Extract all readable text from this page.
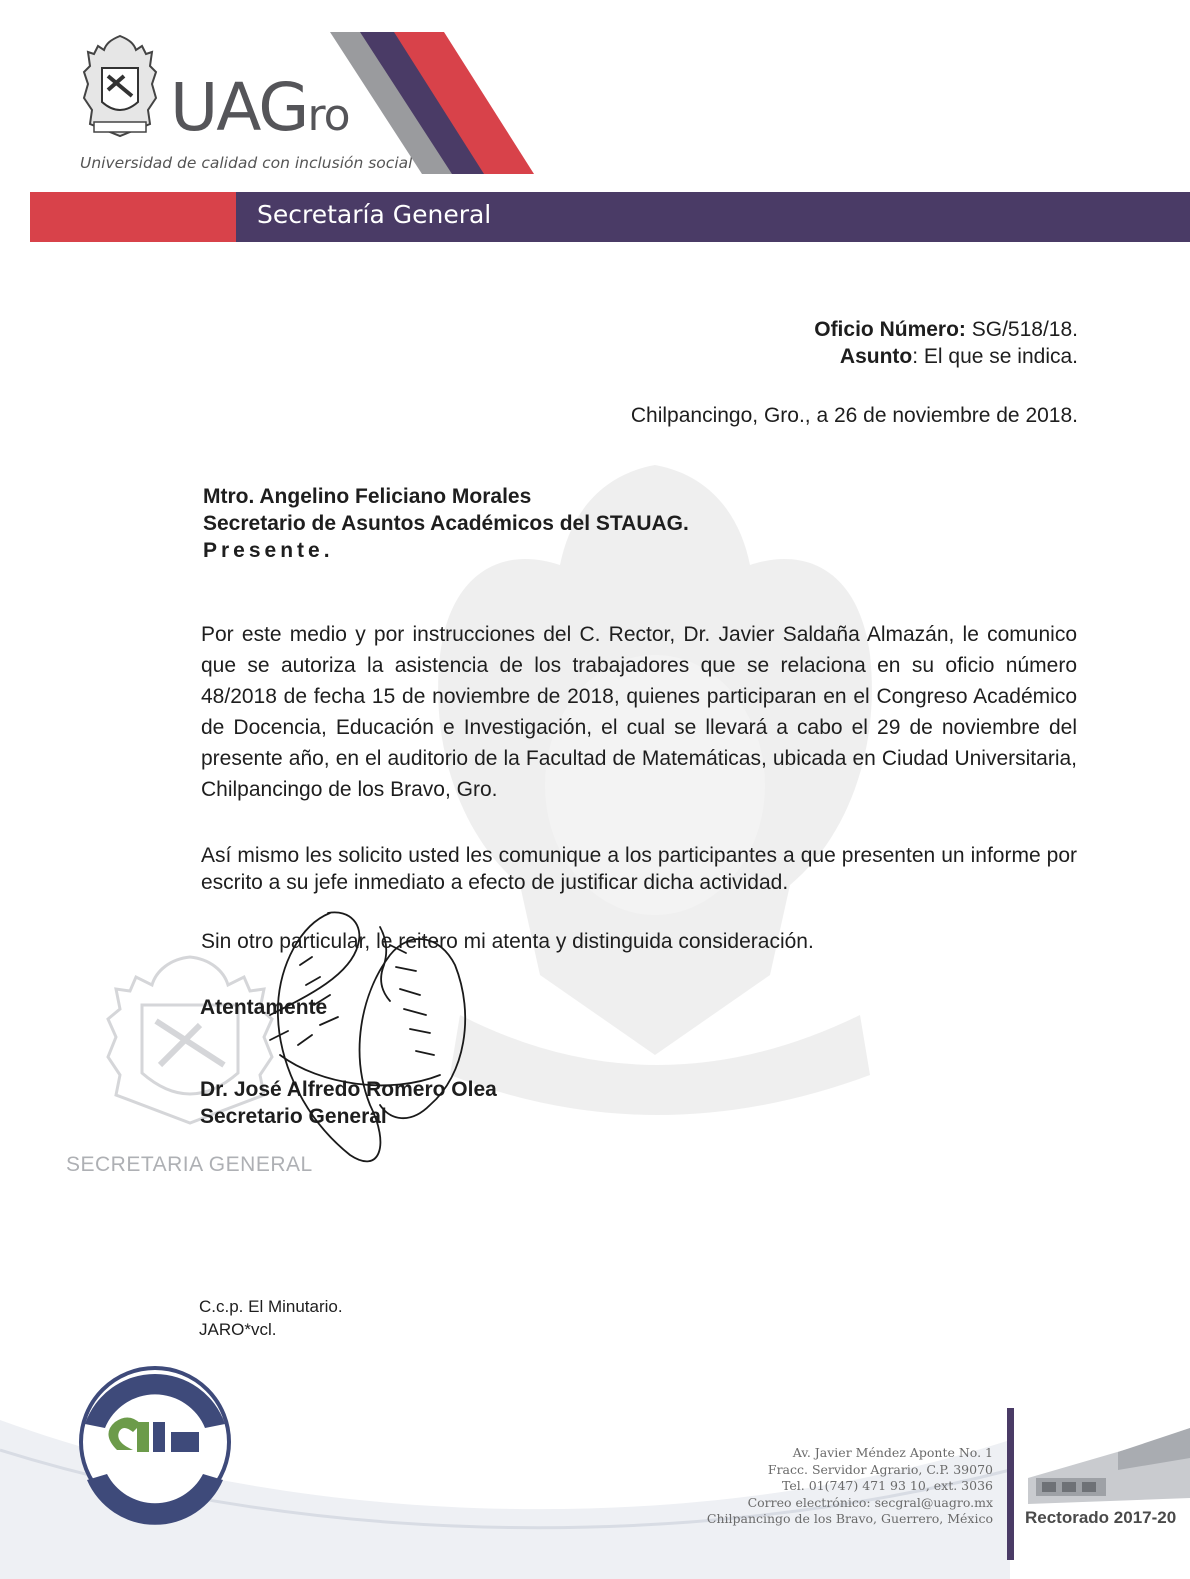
UAGro
Universidad de calidad con inclusión social
Secretaría General
Oficio Número: SG/518/18.
Asunto: El que se indica.
Chilpancingo, Gro., a 26 de noviembre de 2018.
Mtro. Angelino Feliciano Morales
Secretario de Asuntos Académicos del STAUAG.
Presente.
Por este medio y por instrucciones del C. Rector, Dr. Javier Saldaña Almazán, le comunico que se autoriza la asistencia de los trabajadores que se relaciona en su oficio número 48/2018 de fecha 15 de noviembre de 2018, quienes participaran en el Congreso Académico de Docencia, Educación e Investigación, el cual se llevará a cabo el 29 de noviembre del presente año, en el auditorio de la Facultad de Matemáticas, ubicada en Ciudad Universitaria, Chilpancingo de los Bravo, Gro.
Así mismo les solicito usted les comunique a los participantes a que presenten un informe por escrito a su jefe inmediato a efecto de justificar dicha actividad.
Sin otro particular, le reitero mi atenta y distinguida consideración.
SECRETARIA GENERAL
Atentamente
Dr. José Alfredo Romero Olea
Secretario General
C.c.p. El Minutario.
JARO*vcl.
Av. Javier Méndez Aponte No. 1
Fracc. Servidor Agrario, C.P. 39070
Tel. 01(747) 471 93 10, ext. 3036
Correo electrónico: secgral@uagro.mx
Chilpancingo de los Bravo, Guerrero, México Rectorado 2017-20
